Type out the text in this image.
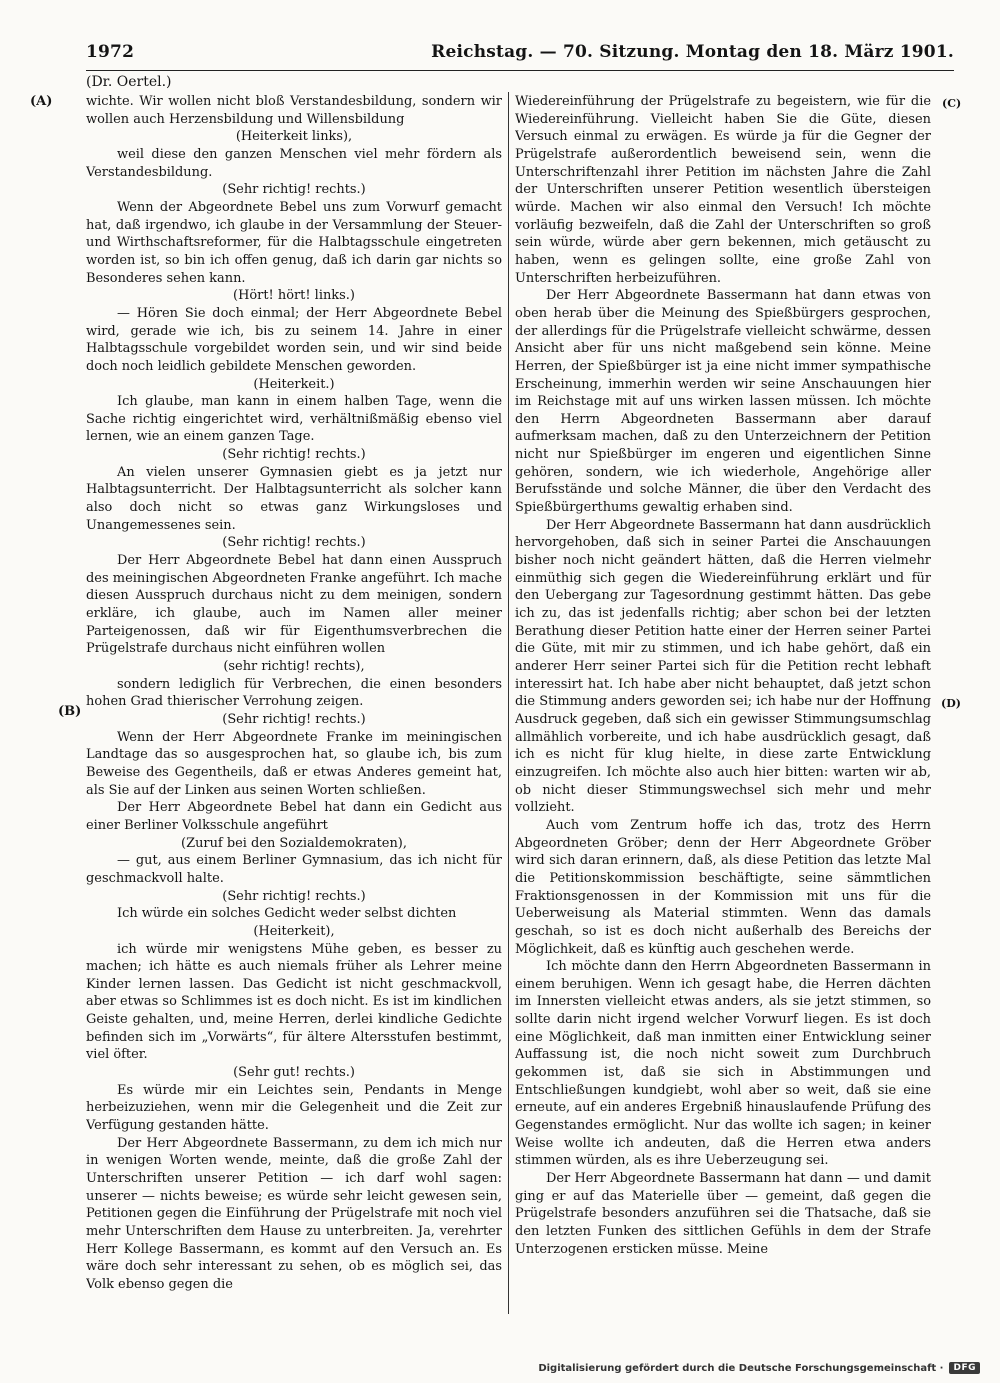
1972	Reichstag. — 70. Sitzung. Montag den 18. März 1901.
(Dr. Oertel.)
(A)
(B)
(C)
(D)

wichte. Wir wollen nicht bloß Verstandesbildung, sondern wir wollen auch Herzensbildung und Willensbildung

(Heiterkeit links),

weil diese den ganzen Menschen viel mehr fördern als Verstandesbildung.

(Sehr richtig! rechts.)

Wenn der Abgeordnete Bebel uns zum Vorwurf gemacht hat, daß irgendwo, ich glaube in der Versammlung der Steuer- und Wirthschaftsreformer, für die Halbtagsschule eingetreten worden ist, so bin ich offen genug, daß ich darin gar nichts so Besonderes sehen kann.

(Hört! hört! links.)

— Hören Sie doch einmal; der Herr Abgeordnete Bebel wird, gerade wie ich, bis zu seinem 14. Jahre in einer Halbtagsschule vorgebildet worden sein, und wir sind beide doch noch leidlich gebildete Menschen geworden.

(Heiterkeit.)

Ich glaube, man kann in einem halben Tage, wenn die Sache richtig eingerichtet wird, verhältnißmäßig ebenso viel lernen, wie an einem ganzen Tage.

(Sehr richtig! rechts.)

An vielen unserer Gymnasien giebt es ja jetzt nur Halbtagsunterricht. Der Halbtagsunterricht als solcher kann also doch nicht so etwas ganz Wirkungsloses und Unangemessenes sein.

(Sehr richtig! rechts.)

Der Herr Abgeordnete Bebel hat dann einen Ausspruch des meiningischen Abgeordneten Franke angeführt. Ich mache diesen Ausspruch durchaus nicht zu dem meinigen, sondern erkläre, ich glaube, auch im Namen aller meiner Parteigenossen, daß wir für Eigenthumsverbrechen die Prügelstrafe durchaus nicht einführen wollen

(sehr richtig! rechts),

sondern lediglich für Verbrechen, die einen besonders hohen Grad thierischer Verrohung zeigen.

(Sehr richtig! rechts.)

Wenn der Herr Abgeordnete Franke im meiningischen Landtage das so ausgesprochen hat, so glaube ich, bis zum Beweise des Gegentheils, daß er etwas Anderes gemeint hat, als Sie auf der Linken aus seinen Worten schließen.

Der Herr Abgeordnete Bebel hat dann ein Gedicht aus einer Berliner Volksschule angeführt

(Zuruf bei den Sozialdemokraten),

— gut, aus einem Berliner Gymnasium, das ich nicht für geschmackvoll halte.

(Sehr richtig! rechts.)

Ich würde ein solches Gedicht weder selbst dichten

(Heiterkeit),

ich würde mir wenigstens Mühe geben, es besser zu machen; ich hätte es auch niemals früher als Lehrer meine Kinder lernen lassen. Das Gedicht ist nicht geschmackvoll, aber etwas so Schlimmes ist es doch nicht. Es ist im kindlichen Geiste gehalten, und, meine Herren, derlei kindliche Gedichte befinden sich im „Vorwärts“, für ältere Altersstufen bestimmt, viel öfter.

(Sehr gut! rechts.)

Es würde mir ein Leichtes sein, Pendants in Menge herbeizuziehen, wenn mir die Gelegenheit und die Zeit zur Verfügung gestanden hätte.

Der Herr Abgeordnete Bassermann, zu dem ich mich nur in wenigen Worten wende, meinte, daß die große Zahl der Unterschriften unserer Petition — ich darf wohl sagen: unserer — nichts beweise; es würde sehr leicht gewesen sein, Petitionen gegen die Einführung der Prügelstrafe mit noch viel mehr Unterschriften dem Hause zu unterbreiten. Ja, verehrter Herr Kollege Bassermann, es kommt auf den Versuch an. Es wäre doch sehr interessant zu sehen, ob es möglich sei, das Volk ebenso gegen die

Wiedereinführung der Prügelstrafe zu begeistern, wie für die Wiedereinführung. Vielleicht haben Sie die Güte, diesen Versuch einmal zu erwägen. Es würde ja für die Gegner der Prügelstrafe außerordentlich beweisend sein, wenn die Unterschriftenzahl ihrer Petition im nächsten Jahre die Zahl der Unterschriften unserer Petition wesentlich übersteigen würde. Machen wir also einmal den Versuch! Ich möchte vorläufig bezweifeln, daß die Zahl der Unterschriften so groß sein würde, würde aber gern bekennen, mich getäuscht zu haben, wenn es gelingen sollte, eine große Zahl von Unterschriften herbeizuführen.

Der Herr Abgeordnete Bassermann hat dann etwas von oben herab über die Meinung des Spießbürgers gesprochen, der allerdings für die Prügelstrafe vielleicht schwärme, dessen Ansicht aber für uns nicht maßgebend sein könne. Meine Herren, der Spießbürger ist ja eine nicht immer sympathische Erscheinung, immerhin werden wir seine Anschauungen hier im Reichstage mit auf uns wirken lassen müssen. Ich möchte den Herrn Abgeordneten Bassermann aber darauf aufmerksam machen, daß zu den Unterzeichnern der Petition nicht nur Spießbürger im engeren und eigentlichen Sinne gehören, sondern, wie ich wiederhole, Angehörige aller Berufsstände und solche Männer, die über den Verdacht des Spießbürgerthums gewaltig erhaben sind.

Der Herr Abgeordnete Bassermann hat dann ausdrücklich hervorgehoben, daß sich in seiner Partei die Anschauungen bisher noch nicht geändert hätten, daß die Herren vielmehr einmüthig sich gegen die Wiedereinführung erklärt und für den Uebergang zur Tagesordnung gestimmt hätten. Das gebe ich zu, das ist jedenfalls richtig; aber schon bei der letzten Berathung dieser Petition hatte einer der Herren seiner Partei die Güte, mit mir zu stimmen, und ich habe gehört, daß ein anderer Herr seiner Partei sich für die Petition recht lebhaft interessirt hat. Ich habe aber nicht behauptet, daß jetzt schon die Stimmung anders geworden sei; ich habe nur der Hoffnung Ausdruck gegeben, daß sich ein gewisser Stimmungsumschlag allmählich vorbereite, und ich habe ausdrücklich gesagt, daß ich es nicht für klug hielte, in diese zarte Entwicklung einzugreifen. Ich möchte also auch hier bitten: warten wir ab, ob nicht dieser Stimmungswechsel sich mehr und mehr vollzieht.

Auch vom Zentrum hoffe ich das, trotz des Herrn Abgeordneten Gröber; denn der Herr Abgeordnete Gröber wird sich daran erinnern, daß, als diese Petition das letzte Mal die Petitionskommission beschäftigte, seine sämmtlichen Fraktionsgenossen in der Kommission mit uns für die Ueberweisung als Material stimmten. Wenn das damals geschah, so ist es doch nicht außerhalb des Bereichs der Möglichkeit, daß es künftig auch geschehen werde.

Ich möchte dann den Herrn Abgeordneten Bassermann in einem beruhigen. Wenn ich gesagt habe, die Herren dächten im Innersten vielleicht etwas anders, als sie jetzt stimmen, so sollte darin nicht irgend welcher Vorwurf liegen. Es ist doch eine Möglichkeit, daß man inmitten einer Entwicklung seiner Auffassung ist, die noch nicht soweit zum Durchbruch gekommen ist, daß sie sich in Abstimmungen und Entschließungen kundgiebt, wohl aber so weit, daß sie eine erneute, auf ein anderes Ergebniß hinauslaufende Prüfung des Gegenstandes ermöglicht. Nur das wollte ich sagen; in keiner Weise wollte ich andeuten, daß die Herren etwa anders stimmen würden, als es ihre Ueberzeugung sei.

Der Herr Abgeordnete Bassermann hat dann — und damit ging er auf das Materielle über — gemeint, daß gegen die Prügelstrafe besonders anzuführen sei die Thatsache, daß sie den letzten Funken des sittlichen Gefühls in dem der Strafe Unterzogenen ersticken müsse. Meine

Digitalisierung gefördert durch die Deutsche Forschungsgemeinschaft ·	DFG
